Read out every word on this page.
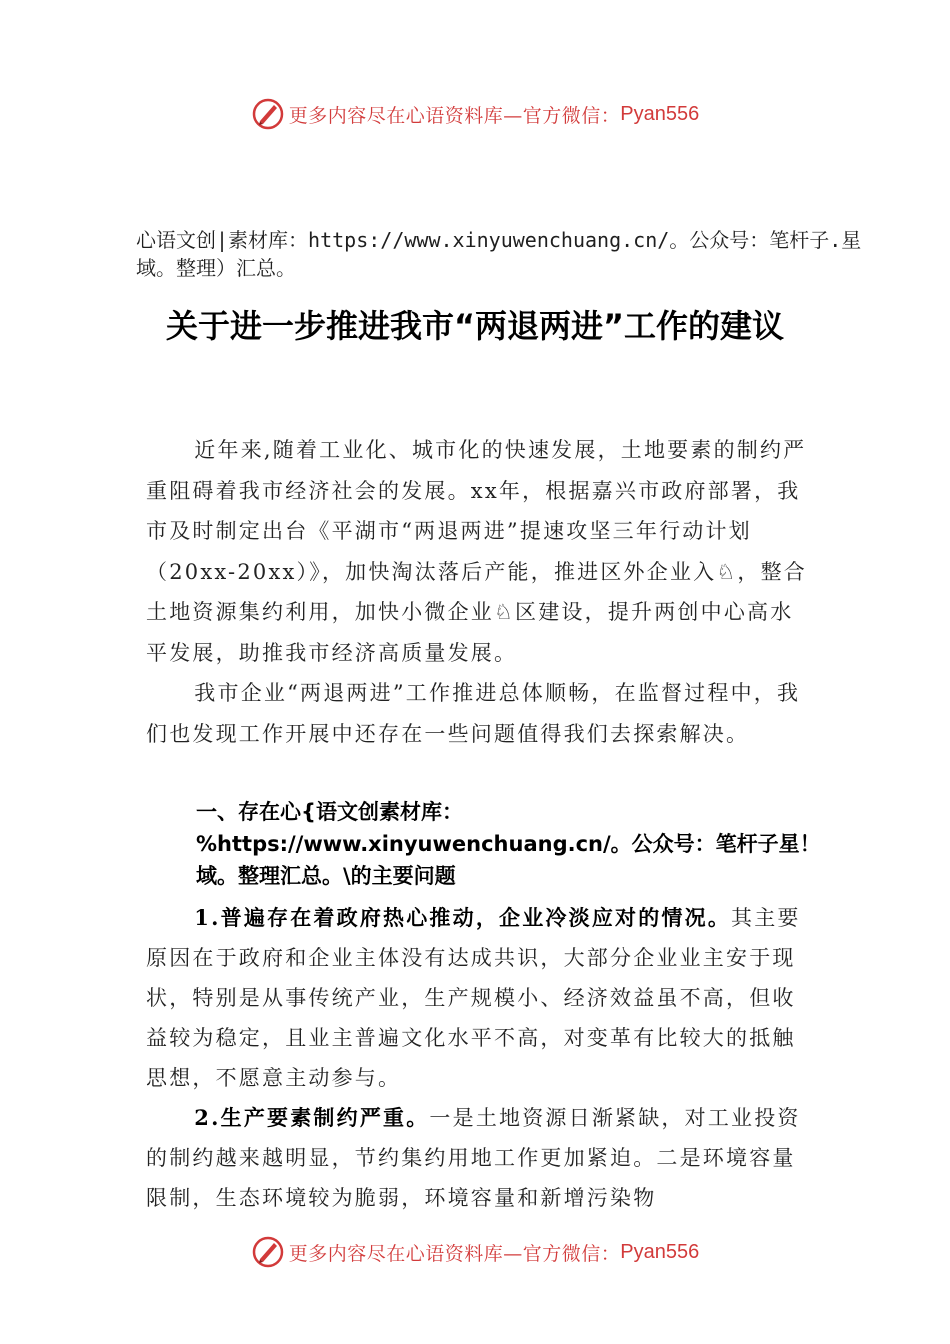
更多内容尽在心语资料库—官方微信： Pyan556
心语文创|素材库：https://www.xinyuwenchuang.cn/。公众号：笔杆子.星域。整理）汇总。
关于进一步推进我市“两退两进”工作的建议

近年来,随着工业化、城市化的快速发展，土地要素的制约严重阻碍着我市经济社会的发展。xx年，根据嘉兴市政府部署，我市及时制定出台《平湖市“两退两进”提速攻坚三年行动计划（20xx-20xx）》，加快淘汰落后产能，推进区外企业入♘，整合土地资源集约利用，加快小微企业♘区建设，提升两创中心高水平发展，助推我市经济高质量发展。

我市企业“两退两进”工作推进总体顺畅，在监督过程中，我们也发现工作开展中还存在一些问题值得我们去探索解决。

一、存在心{语文创素材库：%https://www.xinyuwenchuang.cn/。公众号：笔杆子星！域。整理汇总。\的主要问题

1.普遍存在着政府热心推动，企业冷淡应对的情况。其主要原因在于政府和企业主体没有达成共识，大部分企业业主安于现状，特别是从事传统产业，生产规模小、经济效益虽不高，但收益较为稳定，且业主普遍文化水平不高，对变革有比较大的抵触思想，不愿意主动参与。

2.生产要素制约严重。一是土地资源日渐紧缺，对工业投资的制约越来越明显，节约集约用地工作更加紧迫。二是环境容量限制，生态环境较为脆弱，环境容量和新增污染物

更多内容尽在心语资料库—官方微信： Pyan556
